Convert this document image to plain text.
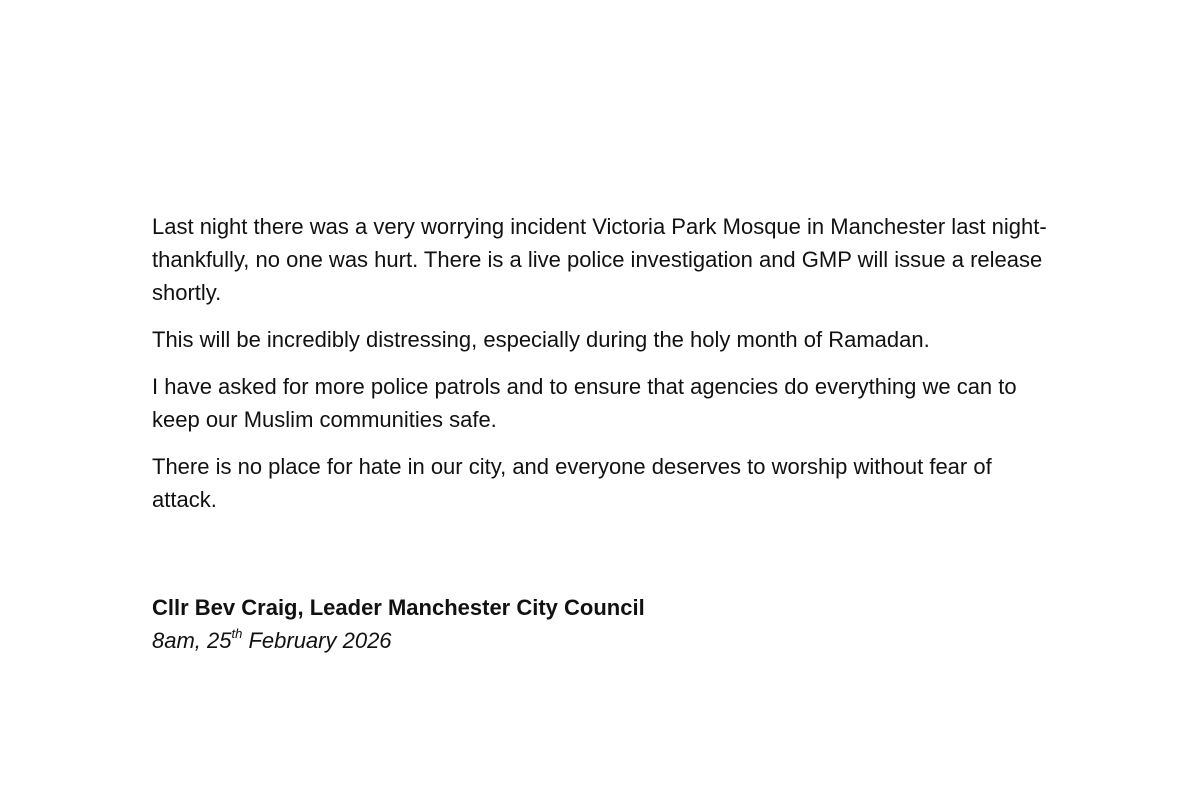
Last night there was a very worrying incident Victoria Park Mosque in Manchester last night- thankfully, no one was hurt. There is a live police investigation and GMP will issue a release shortly.

This will be incredibly distressing, especially during the holy month of Ramadan.

I have asked for more police patrols and to ensure that agencies do everything we can to keep our Muslim communities safe.

There is no place for hate in our city, and everyone deserves to worship without fear of attack.

Cllr Bev Craig, Leader Manchester City Council
8am, 25th February 2026
